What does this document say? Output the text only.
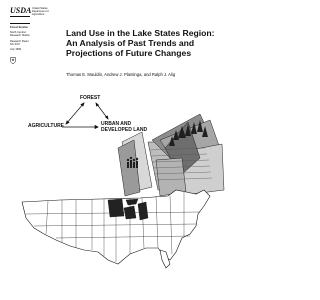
USDA United States
Department of
Agriculture
Forest Service
North Central
Research Station
Research Paper
NC-XXX
July 1999
Land Use in the Lake States Region:
An Analysis of Past Trends and
Projections of Future Changes
Thomas E. Mauldin, Andrew J. Plantinga, and Ralph J. Alig
FOREST
AGRICULTURE	URBAN AND
DEVELOPED LAND
